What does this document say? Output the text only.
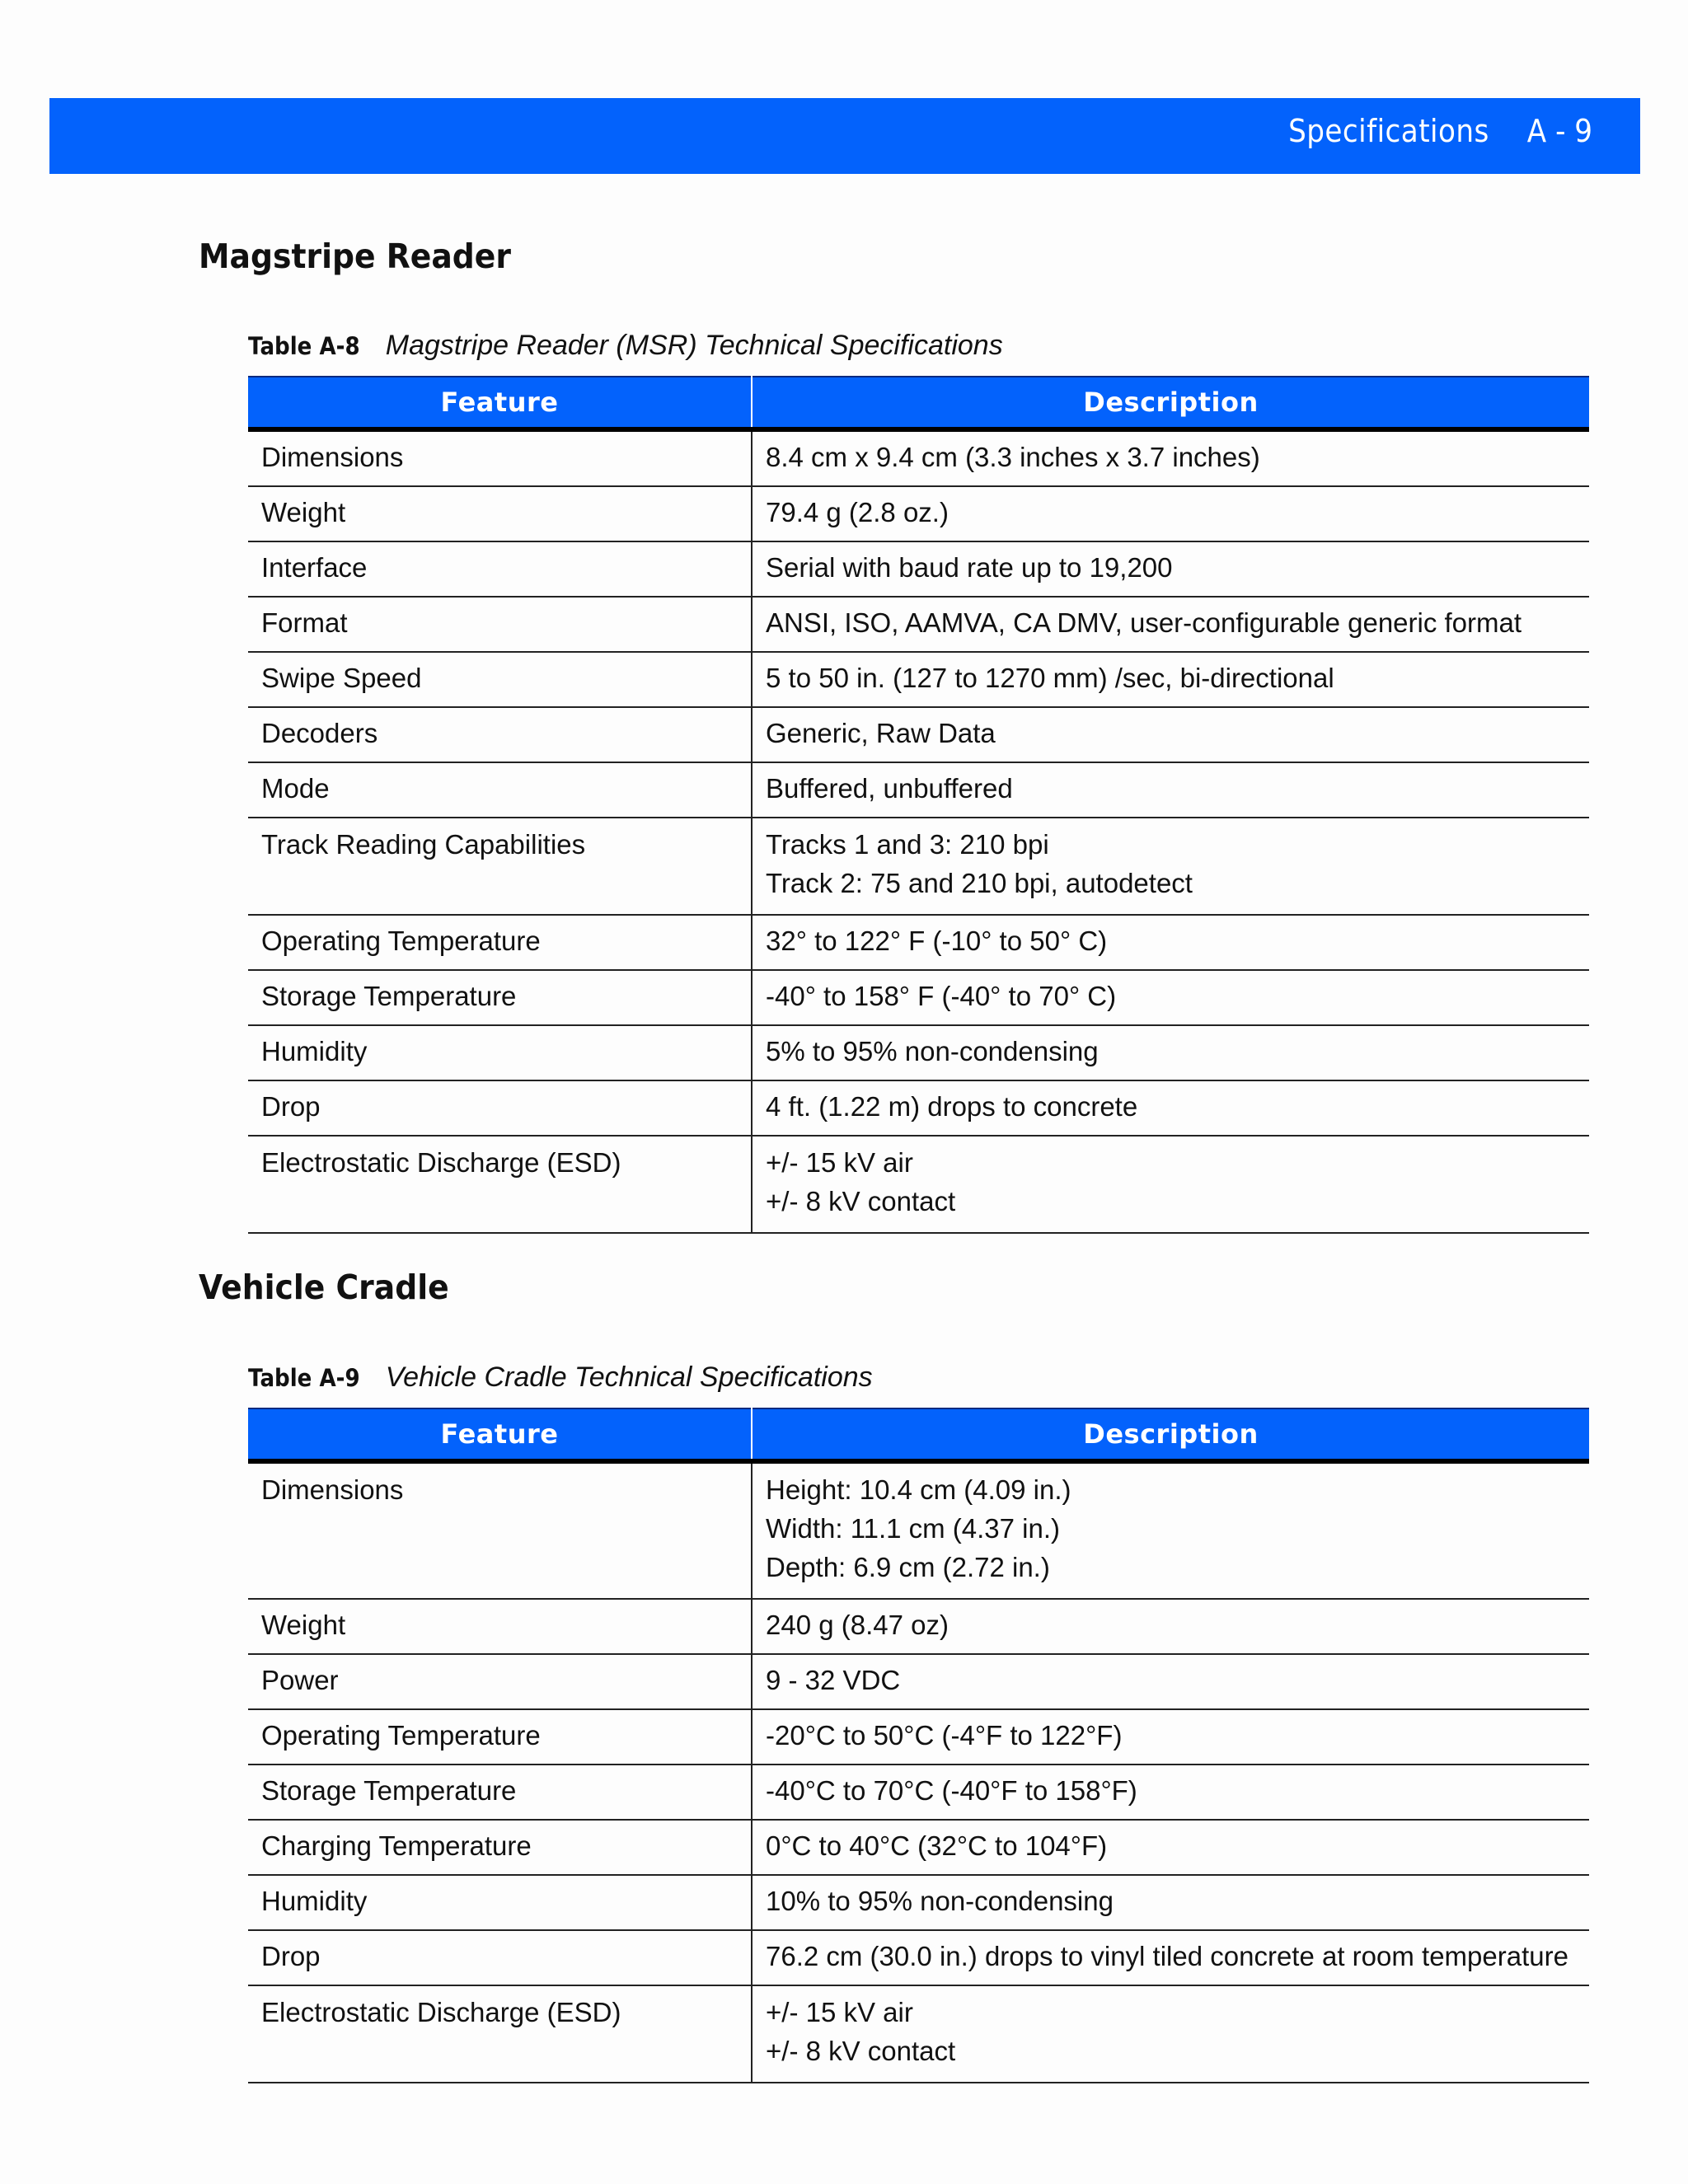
Specifications A - 9
Magstripe Reader
Table A-8 Magstripe Reader (MSR) Technical Specifications
Feature	Description

Dimensions	8.4 cm x 9.4 cm (3.3 inches x 3.7 inches)

Weight	79.4 g (2.8 oz.)

Interface	Serial with baud rate up to 19,200

Format	ANSI, ISO, AAMVA, CA DMV, user-configurable generic format

Swipe Speed	5 to 50 in. (127 to 1270 mm) /sec, bi-directional

Decoders	Generic, Raw Data

Mode	Buffered, unbuffered

Track Reading Capabilities	Tracks 1 and 3: 210 bpi
Track 2: 75 and 210 bpi, autodetect

Operating Temperature	32° to 122° F (-10° to 50° C)

Storage Temperature	-40° to 158° F (-40° to 70° C)

Humidity	5% to 95% non-condensing

Drop	4 ft. (1.22 m) drops to concrete

Electrostatic Discharge (ESD)	+/- 15 kV air
+/- 8 kV contact
Vehicle Cradle
Table A-9 Vehicle Cradle Technical Specifications
Feature	Description

Dimensions	Height: 10.4 cm (4.09 in.)
Width: 11.1 cm (4.37 in.)
Depth: 6.9 cm (2.72 in.)

Weight	240 g (8.47 oz)

Power	9 - 32 VDC

Operating Temperature	-20°C to 50°C (-4°F to 122°F)

Storage Temperature	-40°C to 70°C (-40°F to 158°F)

Charging Temperature	0°C to 40°C (32°C to 104°F)

Humidity	10% to 95% non-condensing

Drop	76.2 cm (30.0 in.) drops to vinyl tiled concrete at room temperature

Electrostatic Discharge (ESD)	+/- 15 kV air
+/- 8 kV contact
